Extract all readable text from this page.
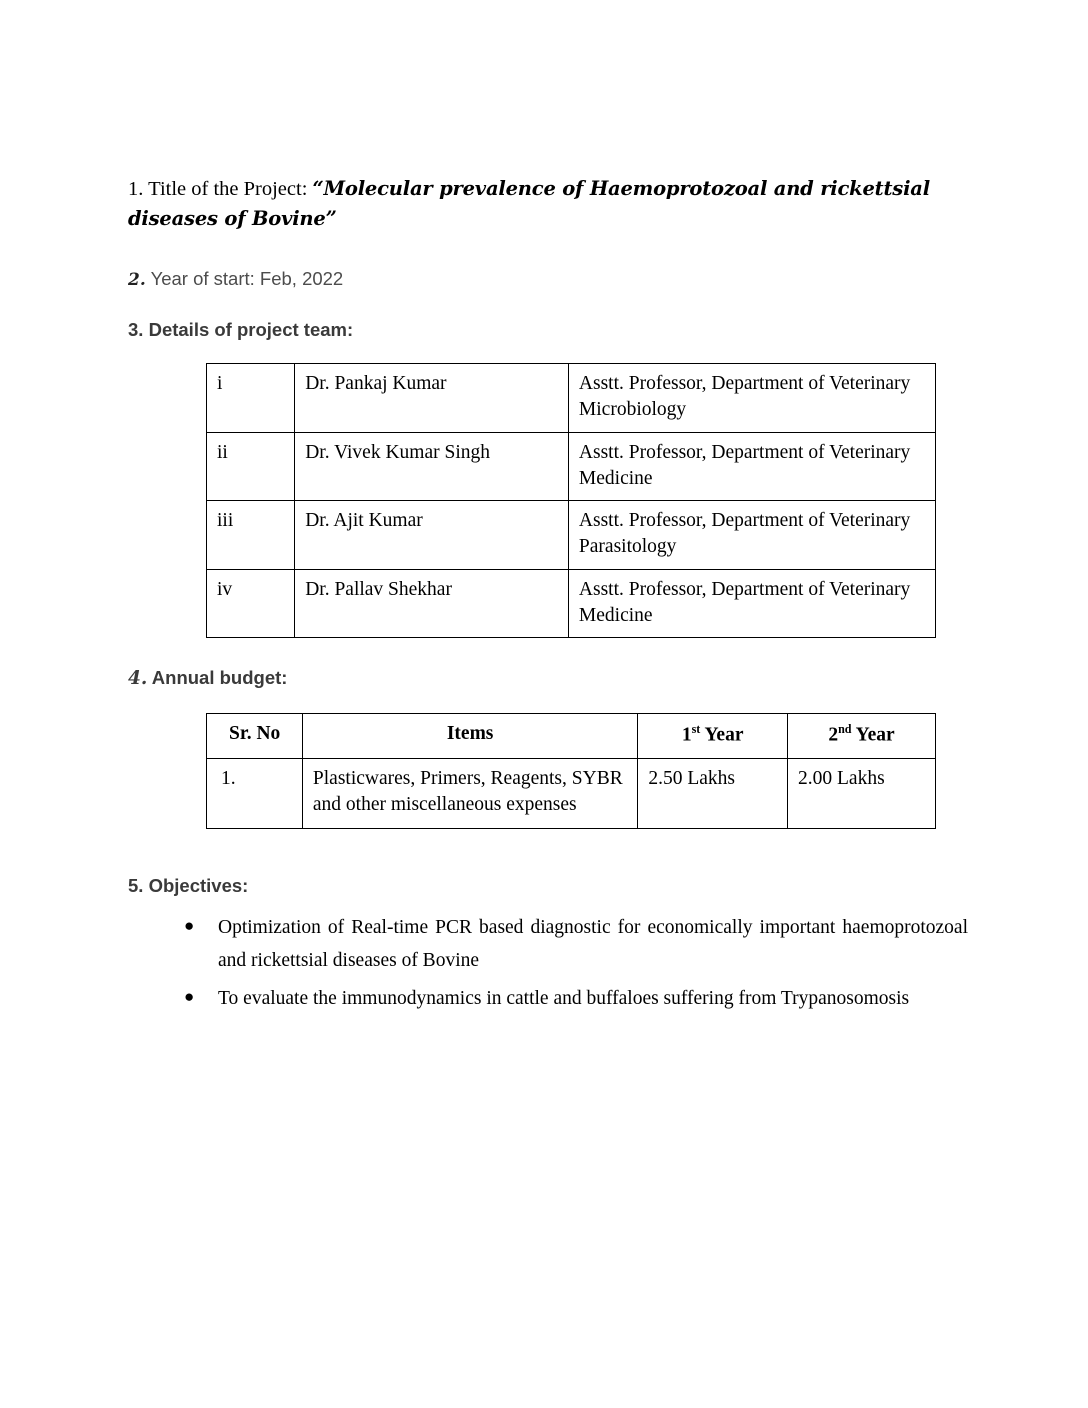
1. Title of the Project: “Molecular prevalence of Haemoprotozoal and rickettsial diseases of Bovine”

2. Year of start: Feb, 2022

3. Details of project team:

i	Dr. Pankaj Kumar	Asstt. Professor, Department of Veterinary Microbiology
ii	Dr. Vivek Kumar Singh	Asstt. Professor, Department of Veterinary Medicine
iii	Dr. Ajit Kumar	Asstt. Professor, Department of Veterinary Parasitology
iv	Dr. Pallav Shekhar	Asstt. Professor, Department of Veterinary Medicine

4. Annual budget:

Sr. No	Items	1st Year	2nd Year
1.	Plasticwares, Primers, Reagents, SYBR and other miscellaneous expenses	2.50 Lakhs	2.00 Lakhs

5. Objectives:

● Optimization of Real-time PCR based diagnostic for economically important haemoprotozoal and rickettsial diseases of Bovine
● To evaluate the immunodynamics in cattle and buffaloes suffering from Trypanosomosis
